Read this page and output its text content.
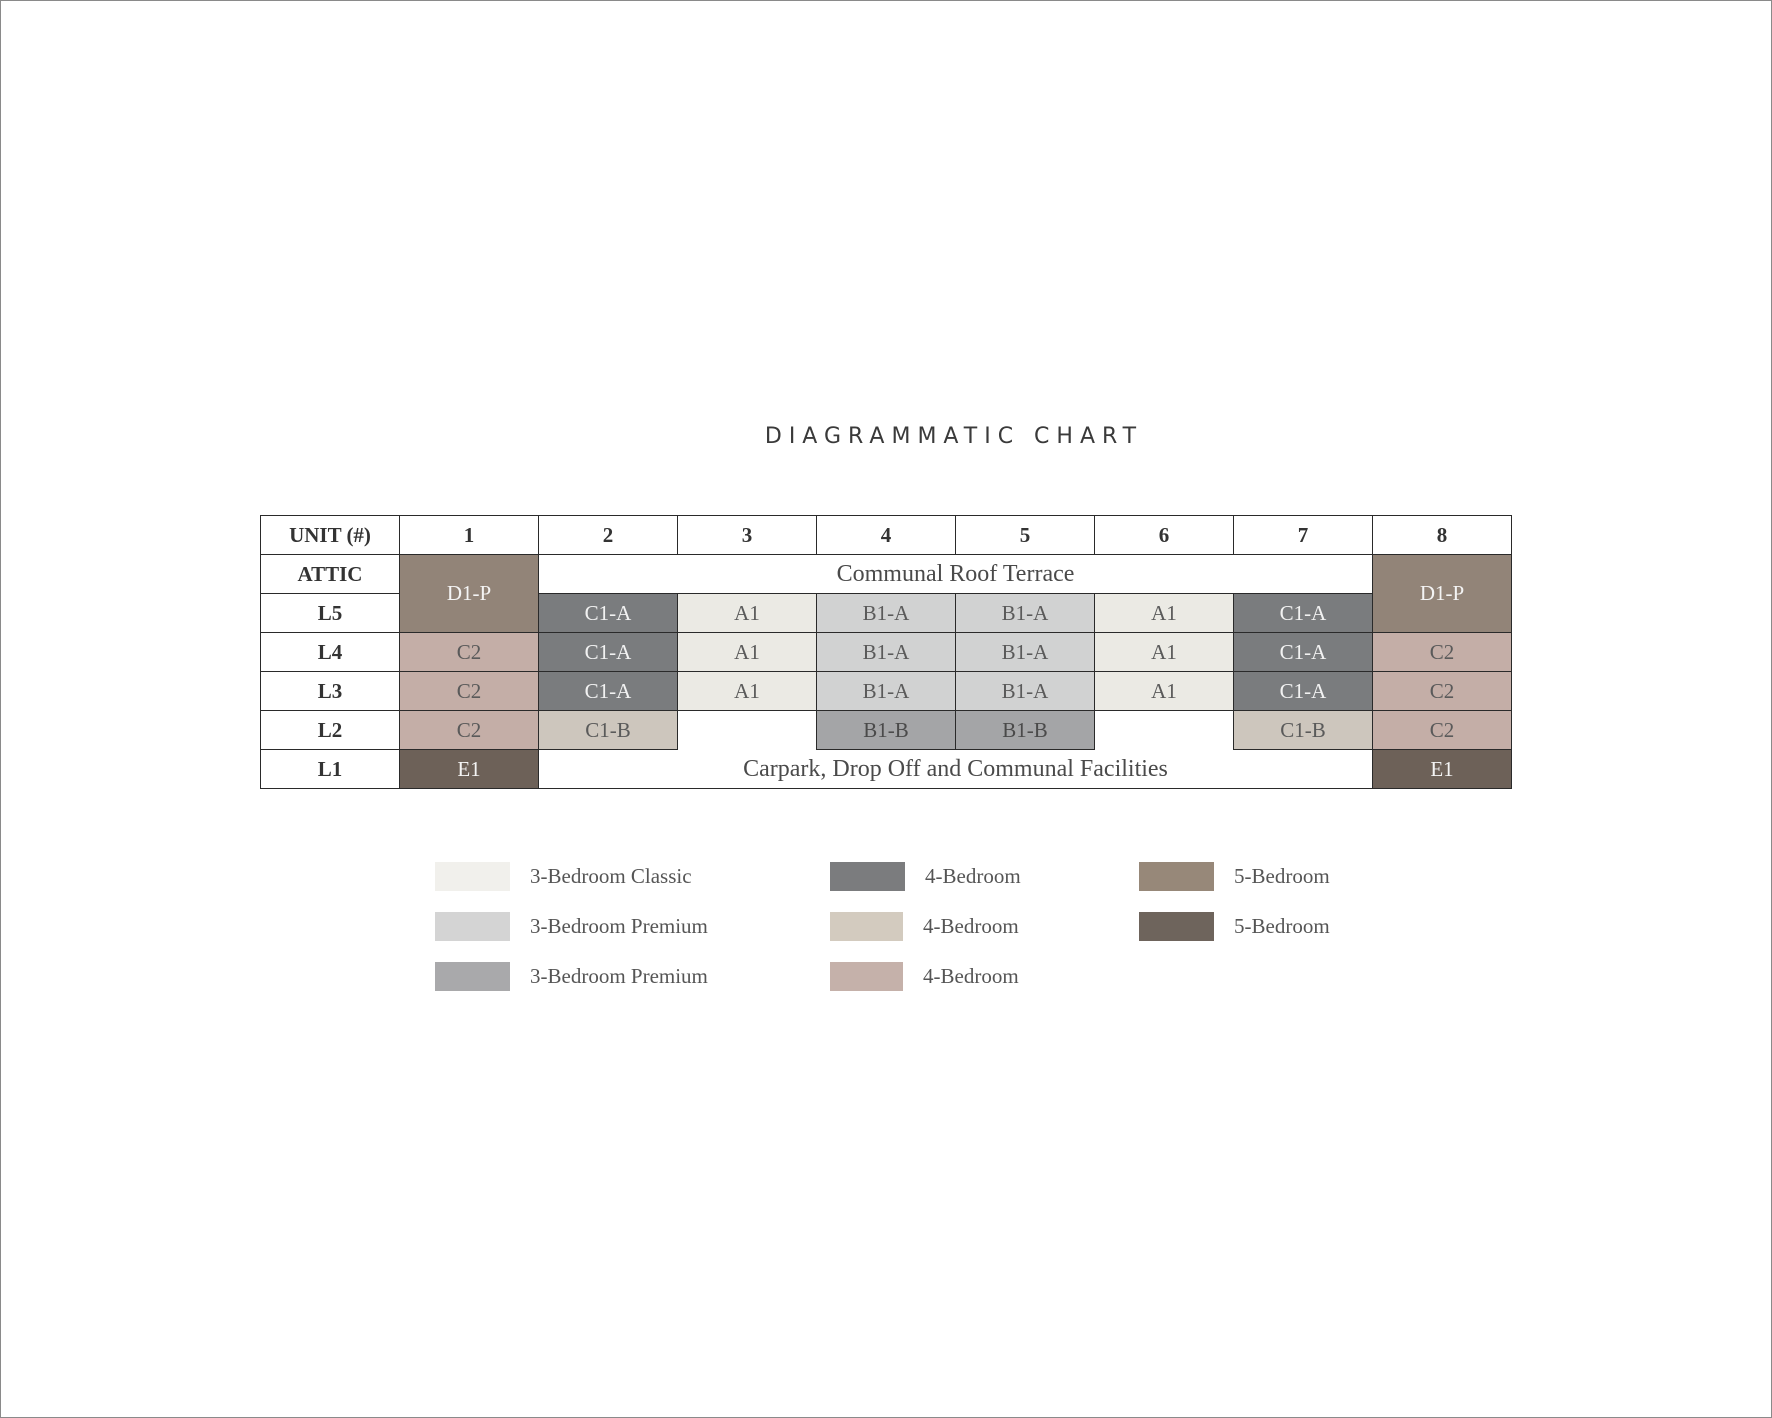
DIAGRAMMATIC CHART
UNIT (#)	1	2	3	4	5	6	7	8
ATTIC	D1-P	Communal Roof Terrace						D1-P
L5		C1-A	A1	B1-A	B1-A	A1	C1-A	
L4	C2	C1-A	A1	B1-A	B1-A	A1	C1-A	C2
L3	C2	C1-A	A1	B1-A	B1-A	A1	C1-A	C2
L2	C2	C1-B		B1-B	B1-B		C1-B	C2
L1	E1	Carpark, Drop Off and Communal Facilities						E1
3-Bedroom Classic
3-Bedroom Premium
3-Bedroom Premium
4-Bedroom
4-Bedroom
4-Bedroom
5-Bedroom
5-Bedroom
